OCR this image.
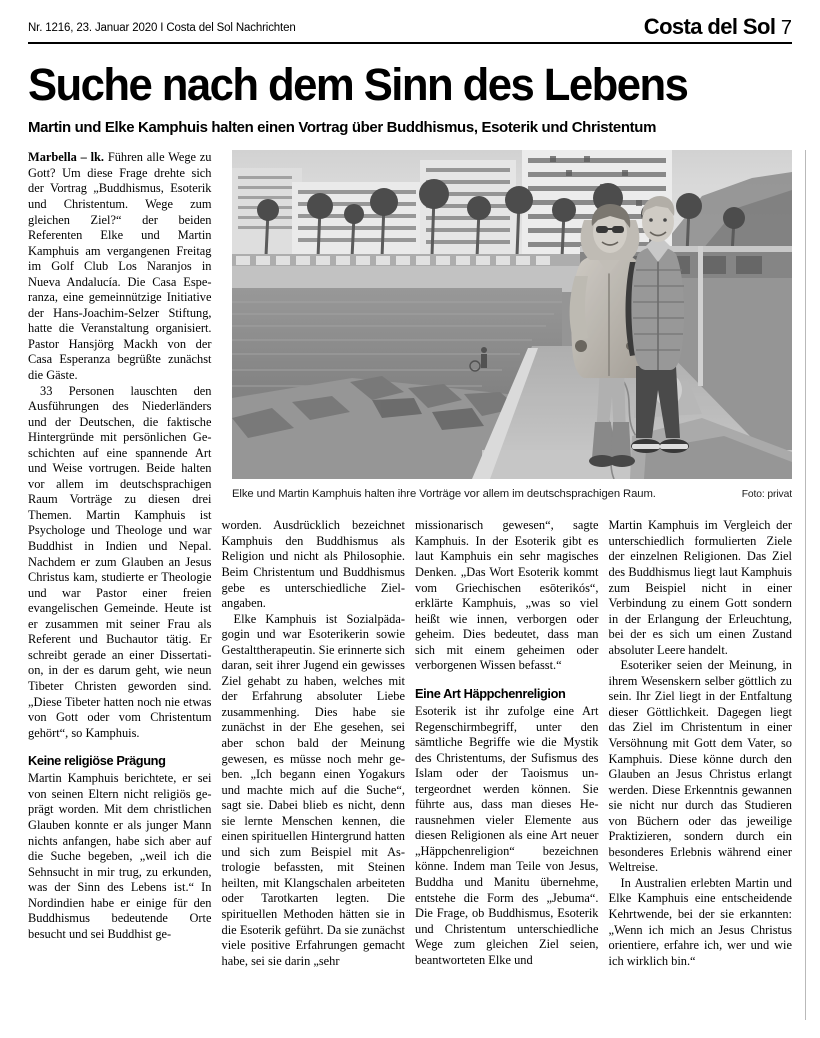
Nr. 1216, 23. Januar 2020 I Costa del Sol Nachrichten	Costa del Sol 7
Suche nach dem Sinn des Lebens
Martin und Elke Kamphuis halten einen Vortrag über Buddhismus, Esoterik und Christentum
Elke und Martin Kamphuis halten ihre Vorträge vor allem im deutschsprachigen Raum.	Foto: privat

Marbella – lk. Führen alle Wege zu Gott? Um diese Frage drehte sich der Vortrag „Buddhismus, Esoterik und Christentum. Wege zum gleichen Ziel?“ der beiden Referenten Elke und Martin Kamphuis am vergangenen Freitag im Golf Club Los Naranjos in Nueva Andalucía. Die Casa Esperanza, eine gemeinnützige Initiative der Hans-Joachim-Selzer Stiftung, hatte die Veranstaltung organisiert. Pastor Hansjörg Mackh von der Casa Esperanza begrüßte zunächst die Gäste.

33 Personen lauschten den Ausführungen des Niederländers und der Deutschen, die faktische Hintergründe mit persönlichen Geschichten auf eine spannende Art und Weise vortrugen. Beide halten vor allem im deutschsprachigen Raum Vorträge zu diesen drei Themen. Martin Kamphuis ist Psychologe und Theologe und war Buddhist in Indien und Nepal. Nachdem er zum Glauben an Jesus Christus kam, studierte er Theologie und war Pastor einer freien evangelischen Gemeinde. Heute ist er zusammen mit seiner Frau als Referent und Buchautor tätig. Er schreibt gerade an einer Dissertation, in der es darum geht, wie neun Tibeter Christen geworden sind. „Diese Tibeter hatten noch nie etwas von Gott oder vom Christentum gehört“, so Kamphuis.

Keine religiöse Prägung

Martin Kamphuis berichtete, er sei von seinen Eltern nicht religiös geprägt worden. Mit dem christlichen Glauben konnte er als junger Mann nichts anfangen, habe sich aber auf die Suche begeben, „weil ich die Sehnsucht in mir trug, zu erkunden, was der Sinn des Lebens ist.“ In Nordindien habe er einige für den Buddhismus bedeutende Orte besucht und sei Buddhist ge-

worden. Ausdrücklich bezeichnet Kamphuis den Buddhismus als Religion und nicht als Philosophie. Beim Christentum und Buddhismus gebe es unterschiedliche Zielangaben.

Elke Kamphuis ist Sozialpädagogin und war Esoterikerin sowie Gestalttherapeutin. Sie erinnerte sich daran, seit ihrer Jugend ein gewisses Ziel gehabt zu haben, welches mit der Erfahrung absoluter Liebe zusammenhing. Dies habe sie zunächst in der Ehe gesehen, sei aber schon bald der Meinung gewesen, es müsse noch mehr geben. „Ich begann einen Yogakurs und machte mich auf die Suche“, sagt sie. Dabei blieb es nicht, denn sie lernte Menschen kennen, die einen spirituellen Hintergrund hatten und sich zum Beispiel mit Astrologie befassten, mit Steinen heilten, mit Klangschalen arbeiteten oder Tarotkarten legten. Die spirituellen Methoden hätten sie in die Esoterik geführt. Da sie zunächst viele positive Erfahrungen gemacht habe, sei sie darin „sehr

missionarisch gewesen“, sagte Kamphuis. In der Esoterik gibt es laut Kamphuis ein sehr magisches Denken. „Das Wort Esoterik kommt vom Griechischen esōterikós“, erklärte Kamphuis, „was so viel heißt wie innen, verborgen oder geheim. Dies bedeutet, dass man sich mit einem geheimen oder verborgenen Wissen befasst.“

Eine Art Häppchenreligion

Esoterik ist ihr zufolge eine Art Regenschirmbegriff, unter den sämtliche Begriffe wie die Mystik des Christentums, der Sufismus des Islam oder der Taoismus untergeordnet werden können. Sie führte aus, dass man dieses Herausnehmen vieler Elemente aus diesen Religionen als eine Art neuer „Häppchenreligion“ bezeichnen könne. Indem man Teile von Jesus, Buddha und Manitu übernehme, entstehe die Form des „Jebuma“. Die Frage, ob Buddhismus, Esoterik und Christentum unterschiedliche Wege zum gleichen Ziel seien, beantworteten Elke und

Martin Kamphuis im Vergleich der unterschiedlich formulierten Ziele der einzelnen Religionen. Das Ziel des Buddhismus liegt laut Kamphuis zum Beispiel nicht in einer Verbindung zu einem Gott sondern in der Erlangung der Erleuchtung, bei der es sich um einen Zustand absoluter Leere handelt.

Esoteriker seien der Meinung, in ihrem Wesenskern selber göttlich zu sein. Ihr Ziel liegt in der Entfaltung dieser Göttlichkeit. Dagegen liegt das Ziel im Christentum in einer Versöhnung mit Gott dem Vater, so Kamphuis. Diese könne durch den Glauben an Jesus Christus erlangt werden. Diese Erkenntnis gewannen sie nicht nur durch das Studieren von Büchern oder das jeweilige Praktizieren, sondern durch ein besonderes Erlebnis während einer Weltreise.

In Australien erlebten Martin und Elke Kamphuis eine entscheidende Kehrtwende, bei der sie erkannten: „Wenn ich mich an Jesus Christus orientiere, erfahre ich, wer und wie ich wirklich bin.“
